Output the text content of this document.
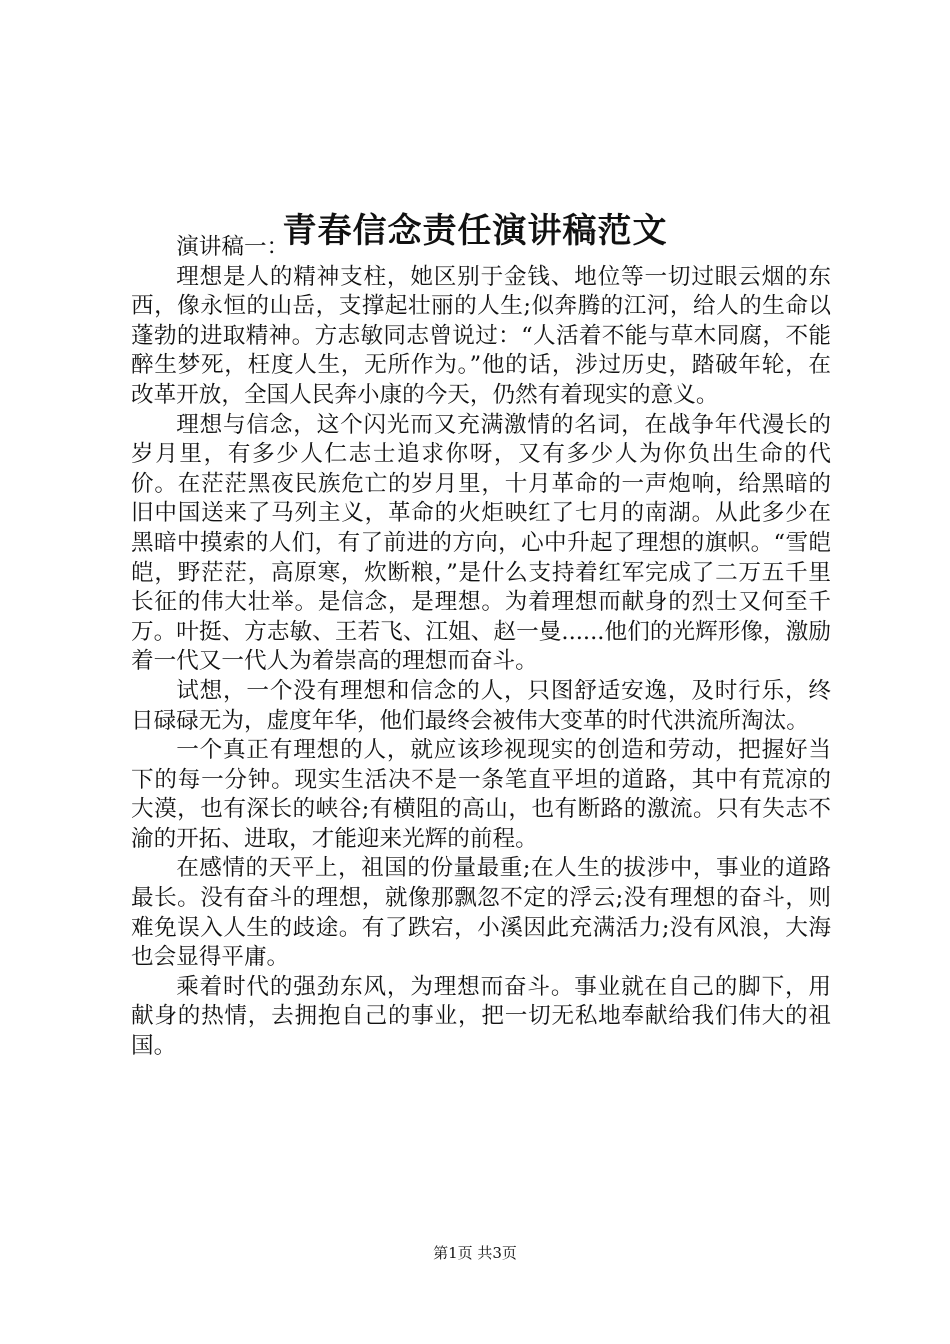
青春信念责任演讲稿范文

演讲稿一：

理想是人的精神支柱，她区别于金钱、地位等一切过眼云烟的东西，像永恒的山岳，支撑起壮丽的人生;似奔腾的江河，给人的生命以蓬勃的进取精神。方志敏同志曾说过：“人活着不能与草木同腐，不能醉生梦死，枉度人生，无所作为。”他的话，涉过历史，踏破年轮，在改革开放，全国人民奔小康的今天，仍然有着现实的意义。

理想与信念，这个闪光而又充满激情的名词，在战争年代漫长的岁月里，有多少人仁志士追求你呀，又有多少人为你负出生命的代价。在茫茫黑夜民族危亡的岁月里，十月革命的一声炮响，给黑暗的旧中国送来了马列主义，革命的火炬映红了七月的南湖。从此多少在黑暗中摸索的人们，有了前进的方向，心中升起了理想的旗帜。“雪皑皑，野茫茫，高原寒，炊断粮，”是什么支持着红军完成了二万五千里长征的伟大壮举。是信念，是理想。为着理想而献身的烈士又何至千万。叶挺、方志敏、王若飞、江姐、赵一曼......他们的光辉形像，激励着一代又一代人为着崇高的理想而奋斗。

试想，一个没有理想和信念的人，只图舒适安逸，及时行乐，终日碌碌无为，虚度年华，他们最终会被伟大变革的时代洪流所淘汰。

一个真正有理想的人，就应该珍视现实的创造和劳动，把握好当下的每一分钟。现实生活决不是一条笔直平坦的道路，其中有荒凉的大漠，也有深长的峡谷;有横阻的高山，也有断路的激流。只有失志不渝的开拓、进取，才能迎来光辉的前程。

在感情的天平上，祖国的份量最重;在人生的拔涉中，事业的道路最长。没有奋斗的理想，就像那飘忽不定的浮云;没有理想的奋斗，则难免误入人生的歧途。有了跌宕，小溪因此充满活力;没有风浪，大海也会显得平庸。

乘着时代的强劲东风，为理想而奋斗。事业就在自己的脚下，用献身的热情，去拥抱自己的事业，把一切无私地奉献给我们伟大的祖国。

第1页 共3页
